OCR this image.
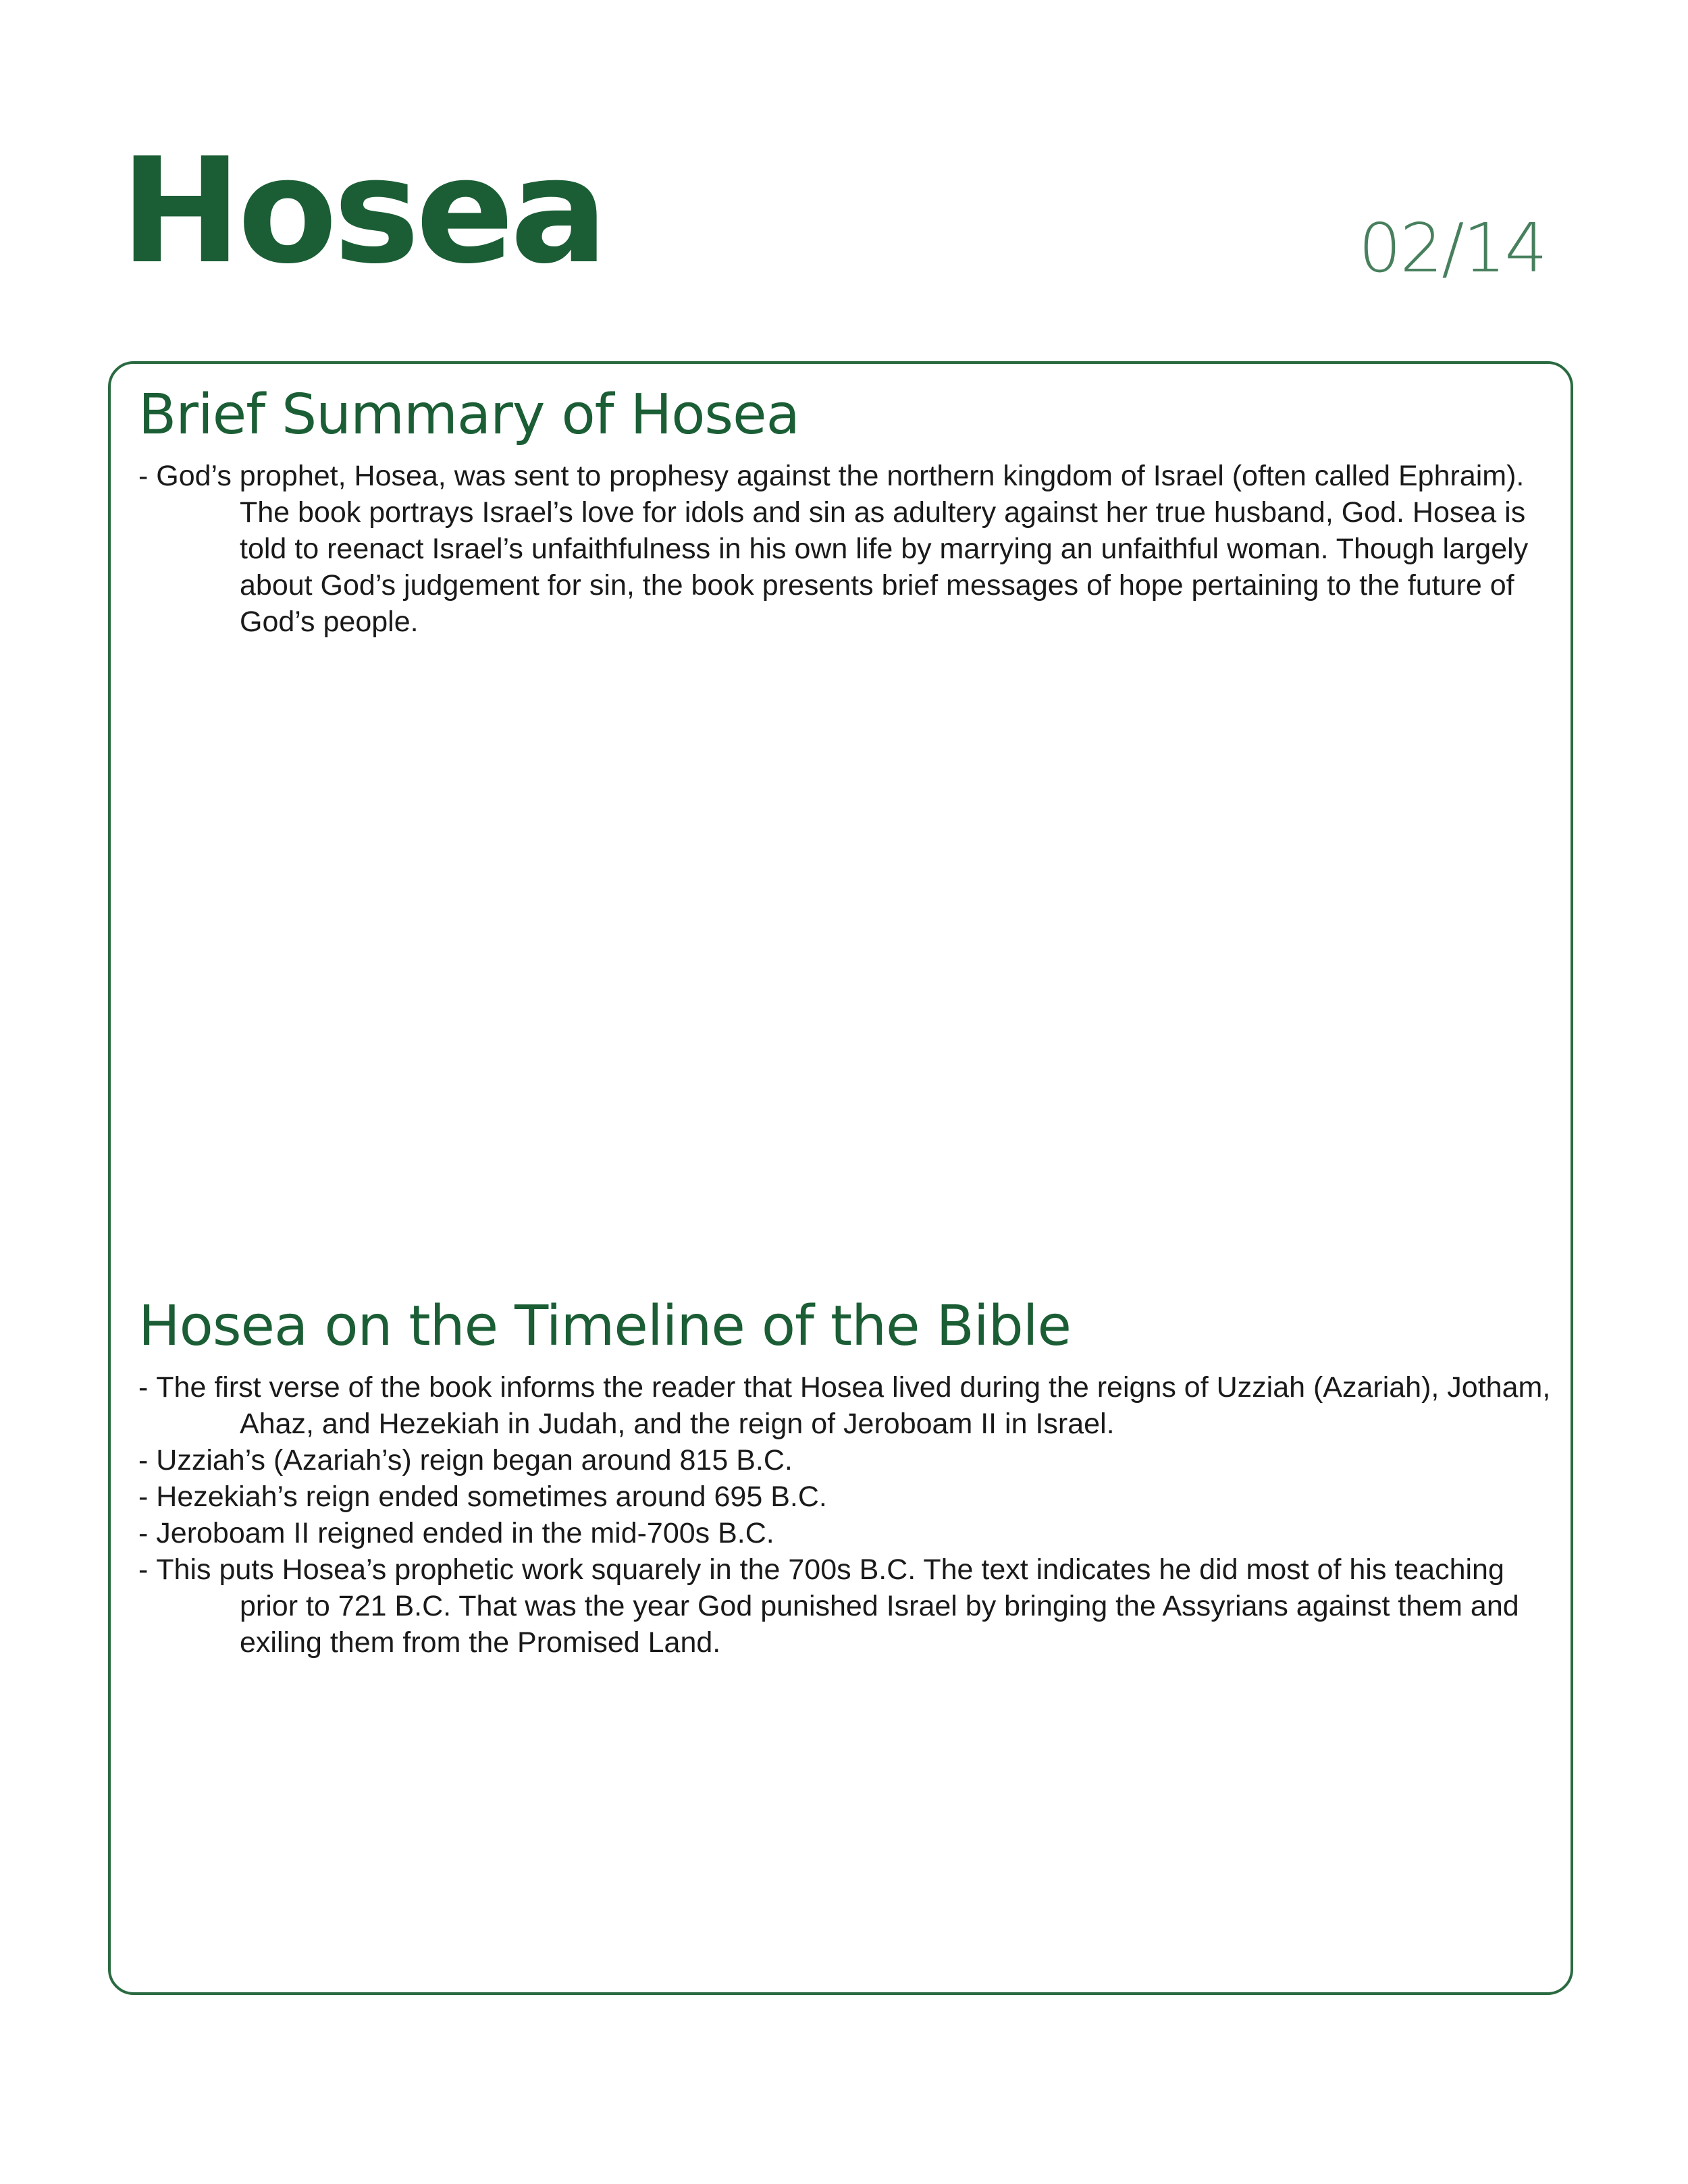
Hosea	02/14
Brief Summary of Hosea
- God’s prophet, Hosea, was sent to prophesy against the northern kingdom of Israel (often called Ephraim). The book portrays Israel’s love for idols and sin as adultery against her true husband, God. Hosea is told to reenact Israel’s unfaithfulness in his own life by marrying an unfaithful woman. Though largely about God’s judgement for sin, the book presents brief messages of hope pertaining to the future of God’s people.
Hosea on the Timeline of the Bible
- The first verse of the book informs the reader that Hosea lived during the reigns of Uzziah (Azariah), Jotham, Ahaz, and Hezekiah in Judah, and the reign of Jeroboam II in Israel.
- Uzziah’s (Azariah’s) reign began around 815 B.C.
- Hezekiah’s reign ended sometimes around 695 B.C.
- Jeroboam II reigned ended in the mid-700s B.C.
- This puts Hosea’s prophetic work squarely in the 700s B.C. The text indicates he did most of his teaching prior to 721 B.C. That was the year God punished Israel by bringing the Assyrians against them and exiling them from the Promised Land.
